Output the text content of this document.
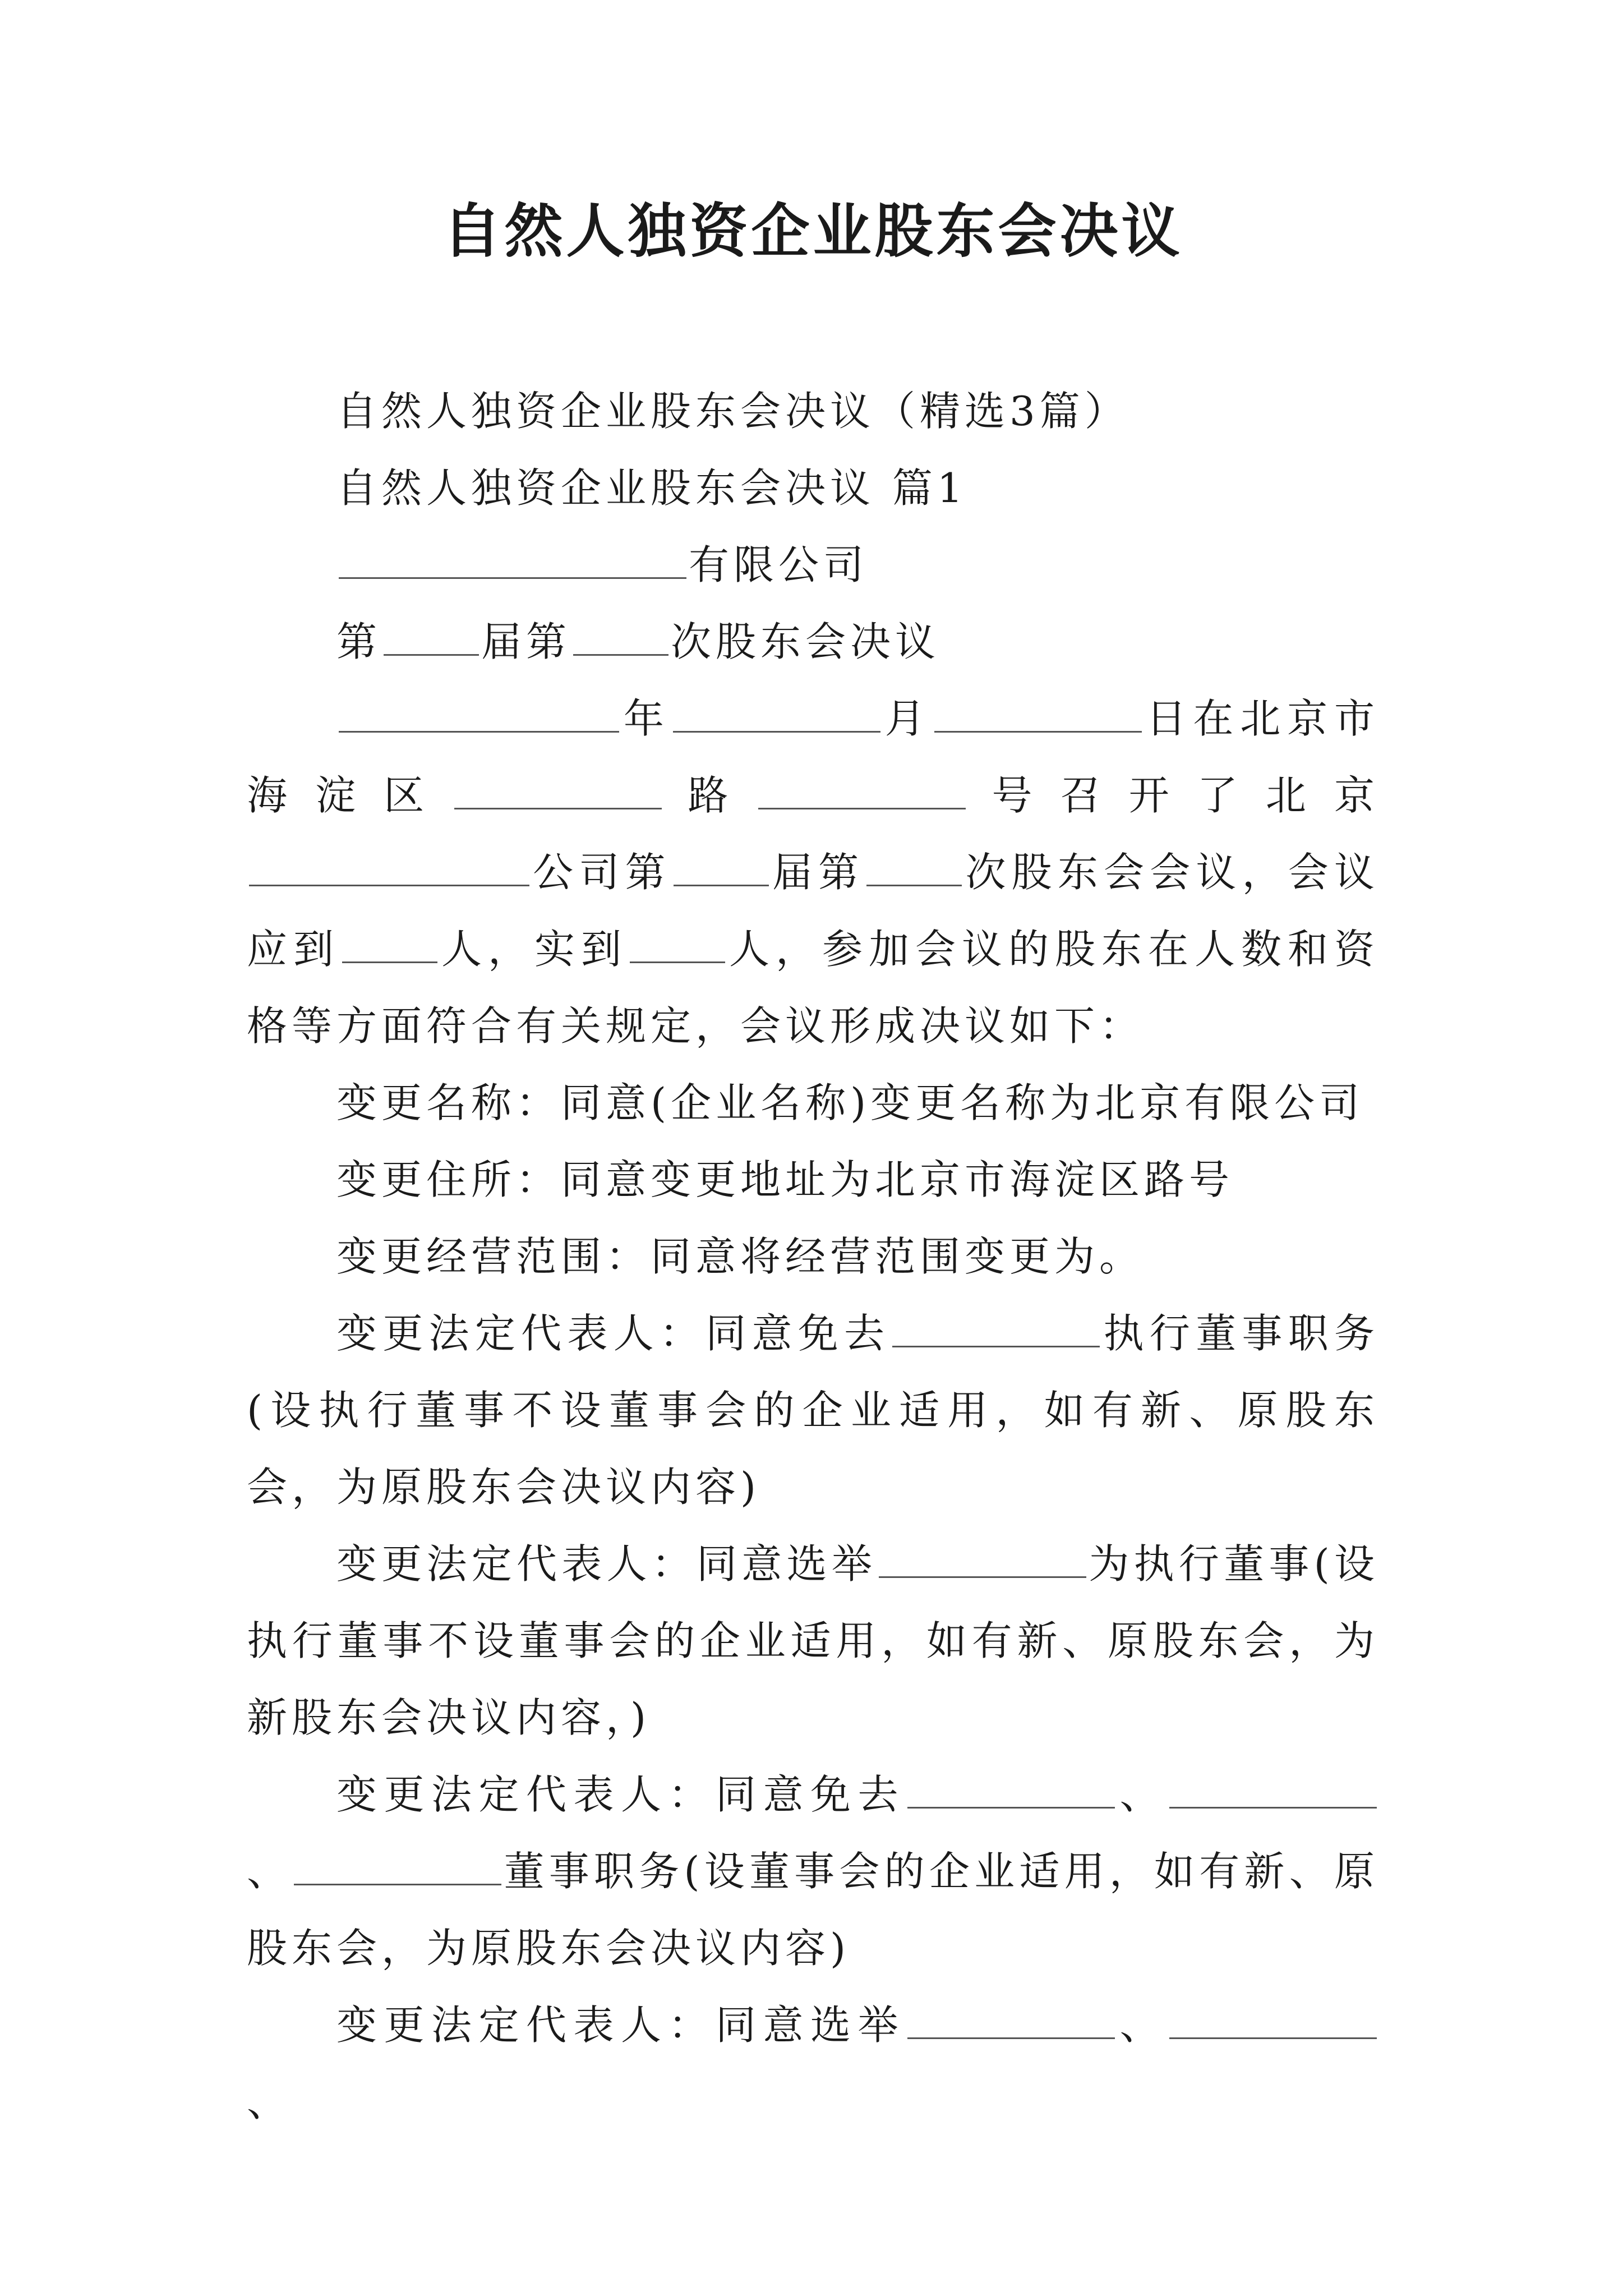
自然人独资企业股东会决议

自然人独资企业股东会决议（精选3篇）

自然人独资企业股东会决议 篇1

有限公司

第 届第 次股东会决议

年	月	日在北京市海淀区	路	号召开了北京公司第 届第 次股东会会议，会议应到 人，实到 人，参加会议的股东在人数和资格等方面符合有关规定，会议形成决议如下：

变更名称：同意(企业名称)变更名称为北京有限公司

变更住所：同意变更地址为北京市海淀区路号

变更经营范围：同意将经营范围变更为。

变更法定代表人：同意免去	执行董事职务(设执行董事不设董事会的企业适用，如有新、原股东会，为原股东会决议内容)

变更法定代表人：同意选举	为执行董事(设执行董事不设董事会的企业适用，如有新、原股东会，为新股东会决议内容，)

变更法定代表人：同意免去	、、	董事职务(设董事会的企业适用，如有新、原股东会，为原股东会决议内容)

变更法定代表人：同意选举	、、
